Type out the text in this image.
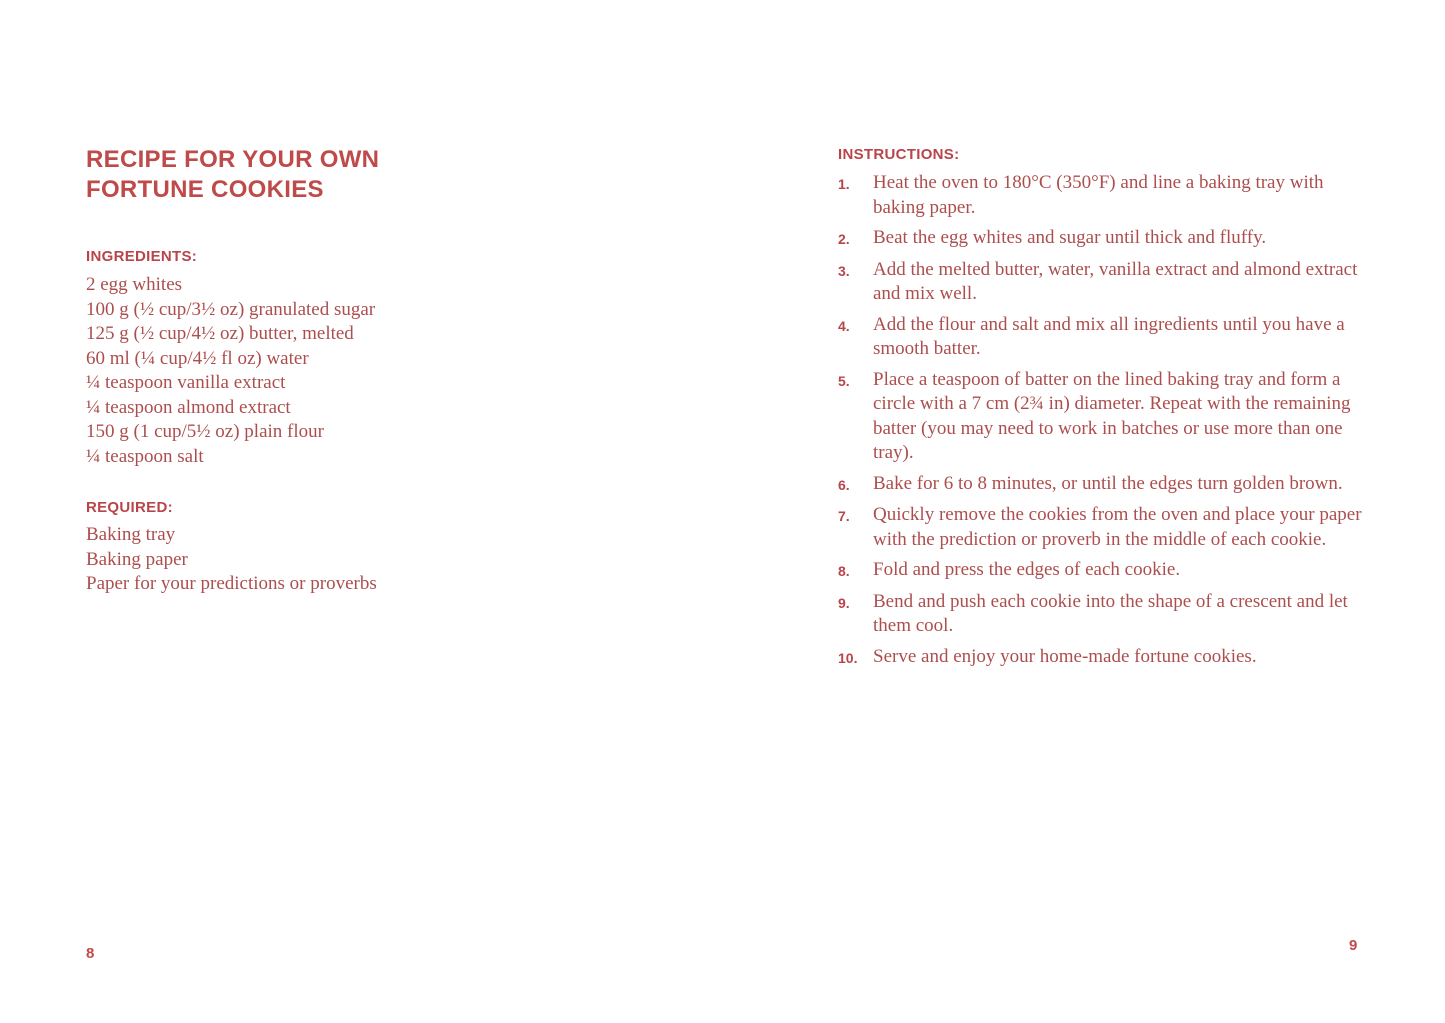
RECIPE FOR YOUR OWN
FORTUNE COOKIES
INGREDIENTS:
2 egg whites
100 g (½ cup/3½ oz) granulated sugar
125 g (½ cup/4½ oz) butter, melted
60 ml (¼ cup/4½ fl oz) water
¼ teaspoon vanilla extract
¼ teaspoon almond extract
150 g (1 cup/5½ oz) plain flour
¼ teaspoon salt
REQUIRED:
Baking tray
Baking paper
Paper for your predictions or proverbs
8
INSTRUCTIONS:
1.	Heat the oven to 180°C (350°F) and line a baking tray with baking paper.
2.	Beat the egg whites and sugar until thick and fluffy.
3.	Add the melted butter, water, vanilla extract and almond extract and mix well.
4.	Add the flour and salt and mix all ingredients until you have a smooth batter.
5.	Place a teaspoon of batter on the lined baking tray and form a circle with a 7 cm (2¾ in) diameter. Repeat with the remaining batter (you may need to work in batches or use more than one tray).
6.	Bake for 6 to 8 minutes, or until the edges turn golden brown.
7.	Quickly remove the cookies from the oven and place your paper with the prediction or proverb in the middle of each cookie.
8.	Fold and press the edges of each cookie.
9.	Bend and push each cookie into the shape of a crescent and let them cool.
10. Serve and enjoy your home-made fortune cookies.
9
